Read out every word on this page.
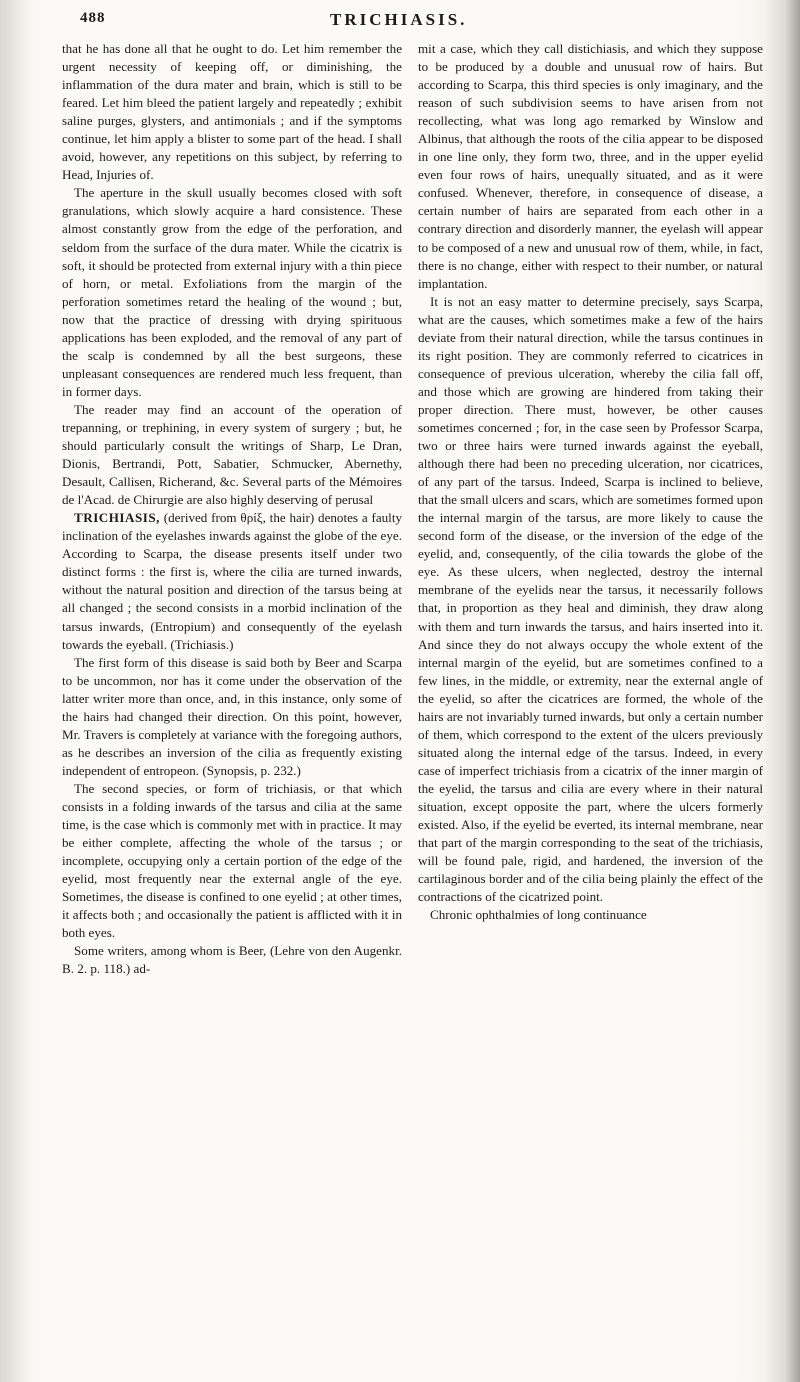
488	TRICHIASIS.

that he has done all that he ought to do. Let him remember the urgent necessity of keeping off, or diminishing, the inflammation of the dura mater and brain, which is still to be feared. Let him bleed the patient largely and repeatedly ; exhibit saline purges, glysters, and antimonials ; and if the symptoms continue, let him apply a blister to some part of the head. I shall avoid, however, any repetitions on this subject, by referring to Head, Injuries of.

The aperture in the skull usually becomes closed with soft granulations, which slowly acquire a hard consistence. These almost constantly grow from the edge of the perforation, and seldom from the surface of the dura mater. While the cicatrix is soft, it should be protected from external injury with a thin piece of horn, or metal. Exfoliations from the margin of the perforation sometimes retard the healing of the wound ; but, now that the practice of dressing with drying spirituous applications has been exploded, and the removal of any part of the scalp is condemned by all the best surgeons, these unpleasant consequences are rendered much less frequent, than in former days.

The reader may find an account of the operation of trepanning, or trephining, in every system of surgery ; but, he should particularly consult the writings of Sharp, Le Dran, Dionis, Bertrandi, Pott, Sabatier, Schmucker, Abernethy, Desault, Callisen, Richerand, &c. Several parts of the Mémoires de l'Acad. de Chirurgie are also highly deserving of perusal

TRICHIASIS, (derived from θρίξ, the hair) denotes a faulty inclination of the eyelashes inwards against the globe of the eye. According to Scarpa, the disease presents itself under two distinct forms : the first is, where the cilia are turned inwards, without the natural position and direction of the tarsus being at all changed ; the second consists in a morbid inclination of the tarsus inwards, (Entropium) and consequently of the eyelash towards the eyeball. (Trichiasis.)

The first form of this disease is said both by Beer and Scarpa to be uncommon, nor has it come under the observation of the latter writer more than once, and, in this instance, only some of the hairs had changed their direction. On this point, however, Mr. Travers is completely at variance with the foregoing authors, as he describes an inversion of the cilia as frequently existing independent of entropeon. (Synopsis, p. 232.)

The second species, or form of trichiasis, or that which consists in a folding inwards of the tarsus and cilia at the same time, is the case which is commonly met with in practice. It may be either complete, affecting the whole of the tarsus ; or incomplete, occupying only a certain portion of the edge of the eyelid, most frequently near the external angle of the eye. Sometimes, the disease is confined to one eyelid ; at other times, it affects both ; and occasionally the patient is afflicted with it in both eyes.

Some writers, among whom is Beer, (Lehre von den Augenkr. B. 2. p. 118.) ad-

mit a case, which they call distichiasis, and which they suppose to be produced by a double and unusual row of hairs. But according to Scarpa, this third species is only imaginary, and the reason of such subdivision seems to have arisen from not recollecting, what was long ago remarked by Winslow and Albinus, that although the roots of the cilia appear to be disposed in one line only, they form two, three, and in the upper eyelid even four rows of hairs, unequally situated, and as it were confused. Whenever, therefore, in consequence of disease, a certain number of hairs are separated from each other in a contrary direction and disorderly manner, the eyelash will appear to be composed of a new and unusual row of them, while, in fact, there is no change, either with respect to their number, or natural implantation.

It is not an easy matter to determine precisely, says Scarpa, what are the causes, which sometimes make a few of the hairs deviate from their natural direction, while the tarsus continues in its right position. They are commonly referred to cicatrices in consequence of previous ulceration, whereby the cilia fall off, and those which are growing are hindered from taking their proper direction. There must, however, be other causes sometimes concerned ; for, in the case seen by Professor Scarpa, two or three hairs were turned inwards against the eyeball, although there had been no preceding ulceration, nor cicatrices, of any part of the tarsus. Indeed, Scarpa is inclined to believe, that the small ulcers and scars, which are sometimes formed upon the internal margin of the tarsus, are more likely to cause the second form of the disease, or the inversion of the edge of the eyelid, and, consequently, of the cilia towards the globe of the eye. As these ulcers, when neglected, destroy the internal membrane of the eyelids near the tarsus, it necessarily follows that, in proportion as they heal and diminish, they draw along with them and turn inwards the tarsus, and hairs inserted into it. And since they do not always occupy the whole extent of the internal margin of the eyelid, but are sometimes confined to a few lines, in the middle, or extremity, near the external angle of the eyelid, so after the cicatrices are formed, the whole of the hairs are not invariably turned inwards, but only a certain number of them, which correspond to the extent of the ulcers previously situated along the internal edge of the tarsus. Indeed, in every case of imperfect trichiasis from a cicatrix of the inner margin of the eyelid, the tarsus and cilia are every where in their natural situation, except opposite the part, where the ulcers formerly existed. Also, if the eyelid be everted, its internal membrane, near that part of the margin corresponding to the seat of the trichiasis, will be found pale, rigid, and hardened, the inversion of the cartilaginous border and of the cilia being plainly the effect of the contractions of the cicatrized point.

Chronic ophthalmies of long continuance
